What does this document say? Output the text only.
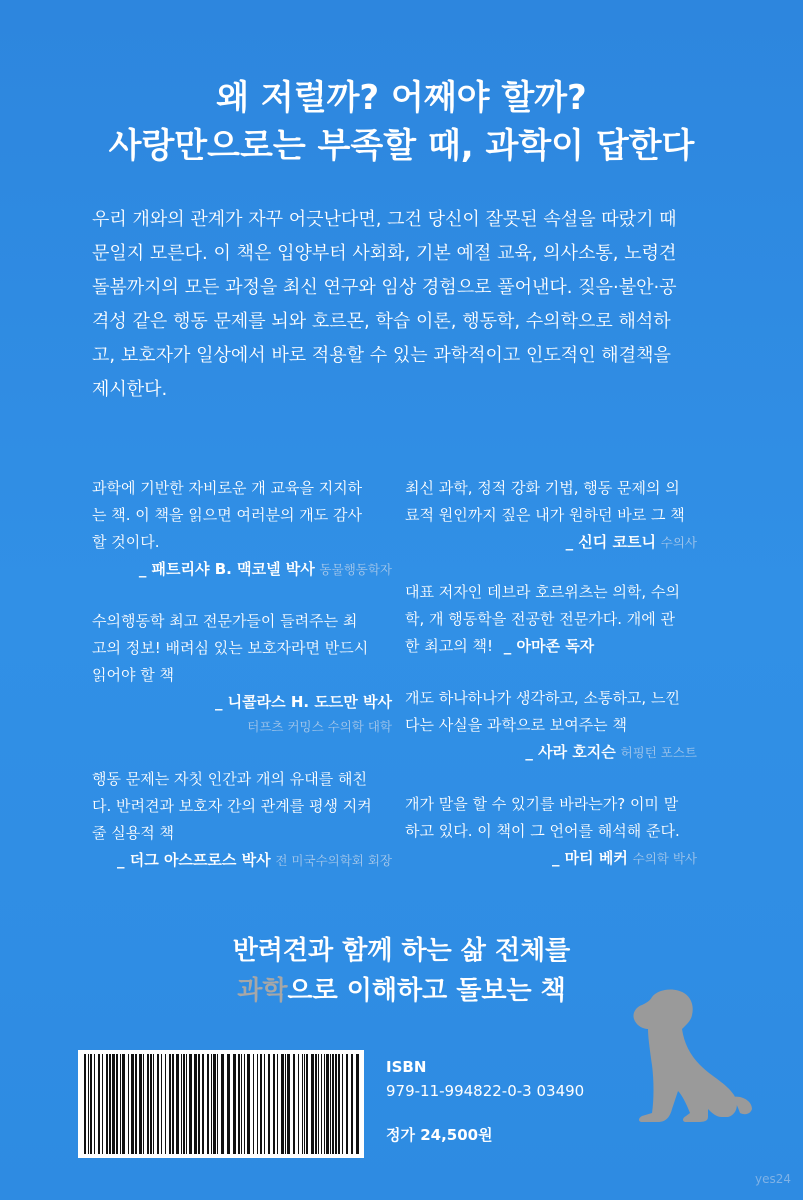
왜 저럴까? 어째야 할까?
사랑만으로는 부족할 때, 과학이 답한다
우리 개와의 관계가 자꾸 어긋난다면, 그건 당신이 잘못된 속설을 따랐기 때
문일지 모른다. 이 책은 입양부터 사회화, 기본 예절 교육, 의사소통, 노령견
돌봄까지의 모든 과정을 최신 연구와 임상 경험으로 풀어낸다. 짖음·불안·공
격성 같은 행동 문제를 뇌와 호르몬, 학습 이론, 행동학, 수의학으로 해석하
고, 보호자가 일상에서 바로 적용할 수 있는 과학적이고 인도적인 해결책을
제시한다.
과학에 기반한 자비로운 개 교육을 지지하
는 책. 이 책을 읽으면 여러분의 개도 감사
할 것이다.
_ 패트리샤 B. 맥코넬 박사 동물행동학자
수의행동학 최고 전문가들이 들려주는 최
고의 정보! 배려심 있는 보호자라면 반드시
읽어야 할 책
_ 니콜라스 H. 도드만 박사
터프츠 커밍스 수의학 대학
행동 문제는 자칫 인간과 개의 유대를 해친
다. 반려견과 보호자 간의 관계를 평생 지켜
줄 실용적 책
_ 더그 아스프로스 박사 전 미국수의학회 회장
최신 과학, 정적 강화 기법, 행동 문제의 의
료적 원인까지 짚은 내가 원하던 바로 그 책
_ 신디 코트니 수의사
대표 저자인 데브라 호르위츠는 의학, 수의
학, 개 행동학을 전공한 전문가다. 개에 관
한 최고의 책! _ 아마존 독자
개도 하나하나가 생각하고, 소통하고, 느낀
다는 사실을 과학으로 보여주는 책
_ 사라 호지슨 허핑턴 포스트
개가 말을 할 수 있기를 바라는가? 이미 말
하고 있다. 이 책이 그 언어를 해석해 준다.
_ 마티 베커 수의학 박사
반려견과 함께 하는 삶 전체를
과학으로 이해하고 돌보는 책
ISBN
979-11-994822-0-3 03490
정가 24,500원
yes24
